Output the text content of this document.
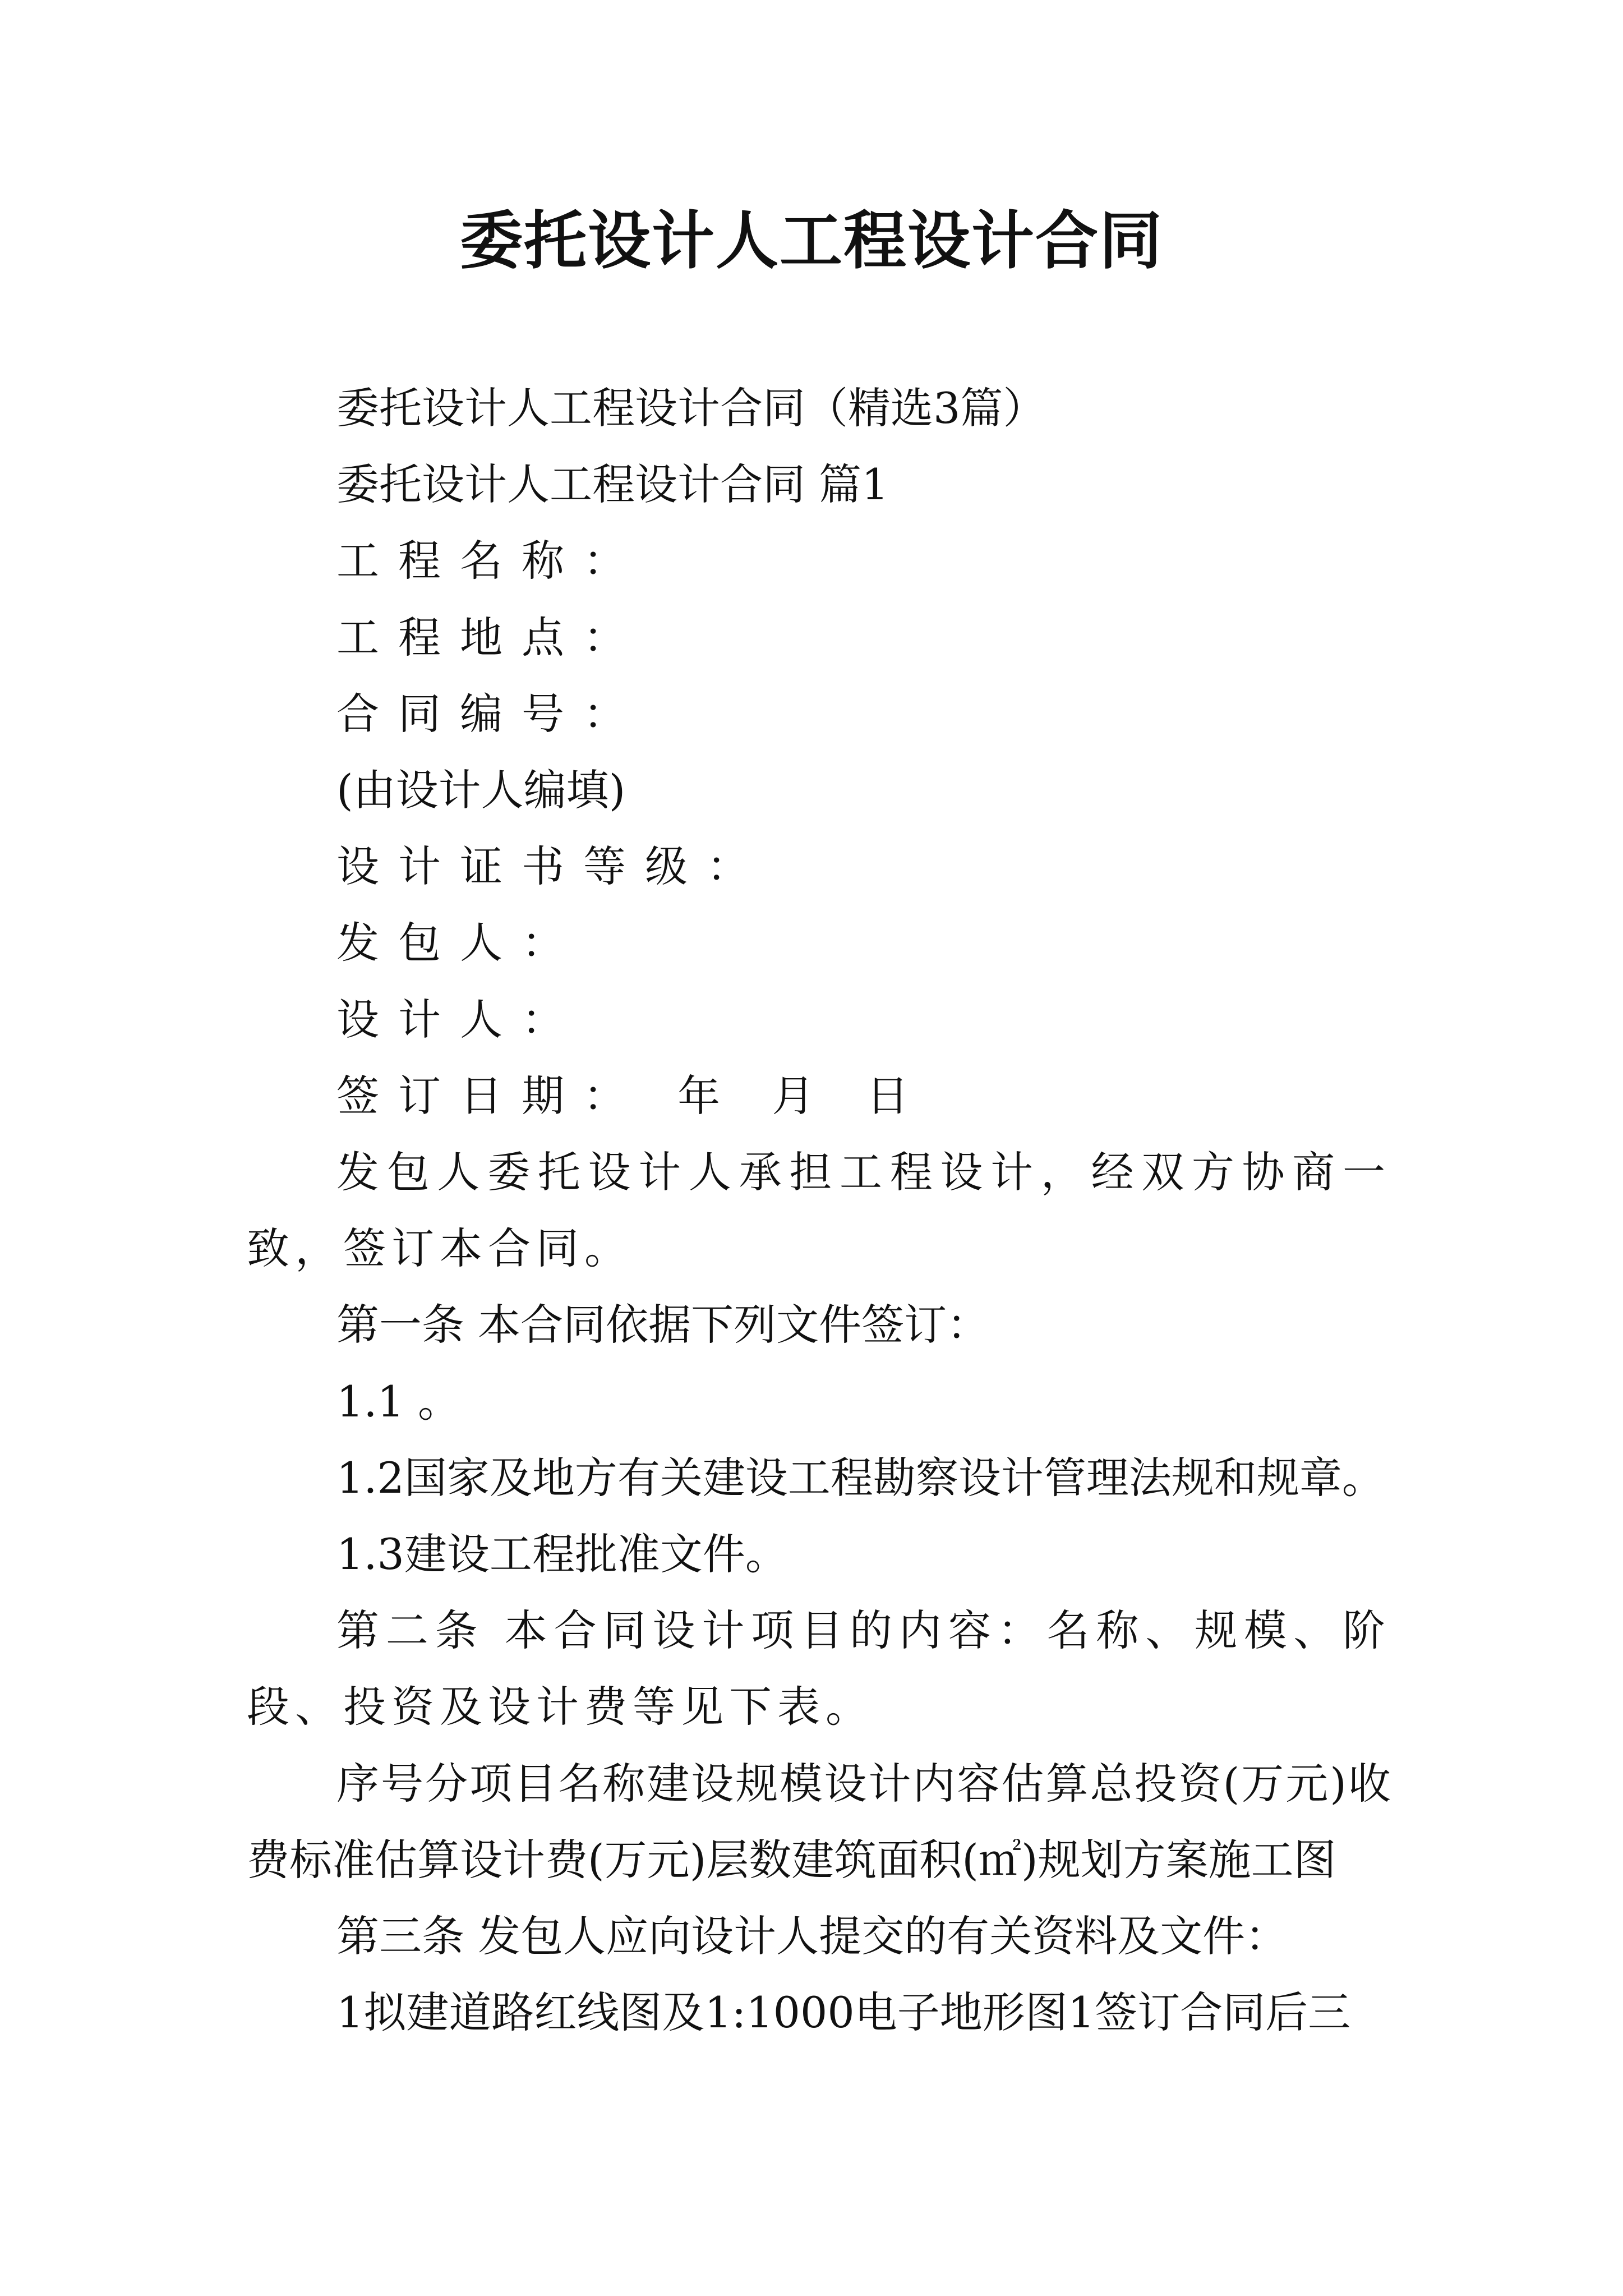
委托设计人工程设计合同

委托设计人工程设计合同（精选3篇）

委托设计人工程设计合同 篇1

工程名称：

工程地点：

合同编号：

(由设计人编填)

设计证书等级：

发包人：

设计人：

签订日期： 年 月 日

发包人委托设计人承担工程设计，经双方协商一致，签订本合同。

第一条 本合同依据下列文件签订：

1.1 。

1.2国家及地方有关建设工程勘察设计管理法规和规章。

1.3建设工程批准文件。

第二条 本合同设计项目的内容：名称、规模、阶段、投资及设计费等见下表。

序号分项目名称建设规模设计内容估算总投资(万元)收费标准估算设计费(万元)层数建筑面积(㎡)规划方案施工图

第三条 发包人应向设计人提交的有关资料及文件：

1拟建道路红线图及1:1000电子地形图1签订合同后三
